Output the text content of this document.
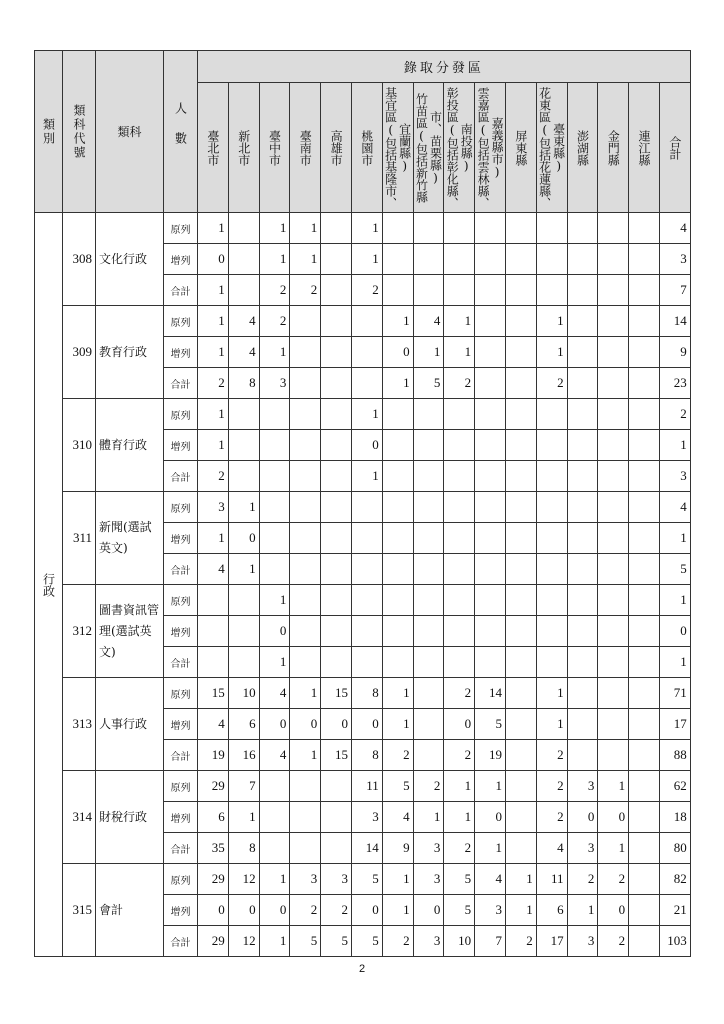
類別	類科代號	類科	人數	錄取分發區															

				臺北市	新北市	臺中市	臺南市	高雄市	桃園市	基宜區(包括基隆市、宜蘭縣)	竹苗區(包括新竹縣市、苗栗縣)	彰投區(包括彰化縣、南投縣)	雲嘉區(包括雲林縣、嘉義縣市)	屏東縣	花東區(包括花蓮縣、臺東縣)	澎湖縣	金門縣	連江縣	合計

行政	308	文化行政	原列	1		1	1		1										4
			增列	0		1	1		1										3
			合計	1		2	2		2										7
	309	教育行政	原列	1	4	2				1	4	1			1				14
			增列	1	4	1				0	1	1			1				9
			合計	2	8	3				1	5	2			2				23
	310	體育行政	原列	1					1										2
			增列	1					0										1
			合計	2					1										3
	311	新聞(選試英文)	原列	3	1														4
			增列	1	0														1
			合計	4	1														5
	312	圖書資訊管理(選試英文)	原列			1													1
			增列			0													0
			合計			1													1
	313	人事行政	原列	15	10	4	1	15	8	1		2	14		1				71
			增列	4	6	0	0	0	0	1		0	5		1				17
			合計	19	16	4	1	15	8	2		2	19		2				88
	314	財稅行政	原列	29	7				11	5	2	1	1		2	3	1		62
			增列	6	1				3	4	1	1	0		2	0	0		18
			合計	35	8				14	9	3	2	1		4	3	1		80
	315	會計	原列	29	12	1	3	3	5	1	3	5	4	1	11	2	2		82
			增列	0	0	0	2	2	0	1	0	5	3	1	6	1	0		21
			合計	29	12	1	5	5	5	2	3	10	7	2	17	3	2		103
2
